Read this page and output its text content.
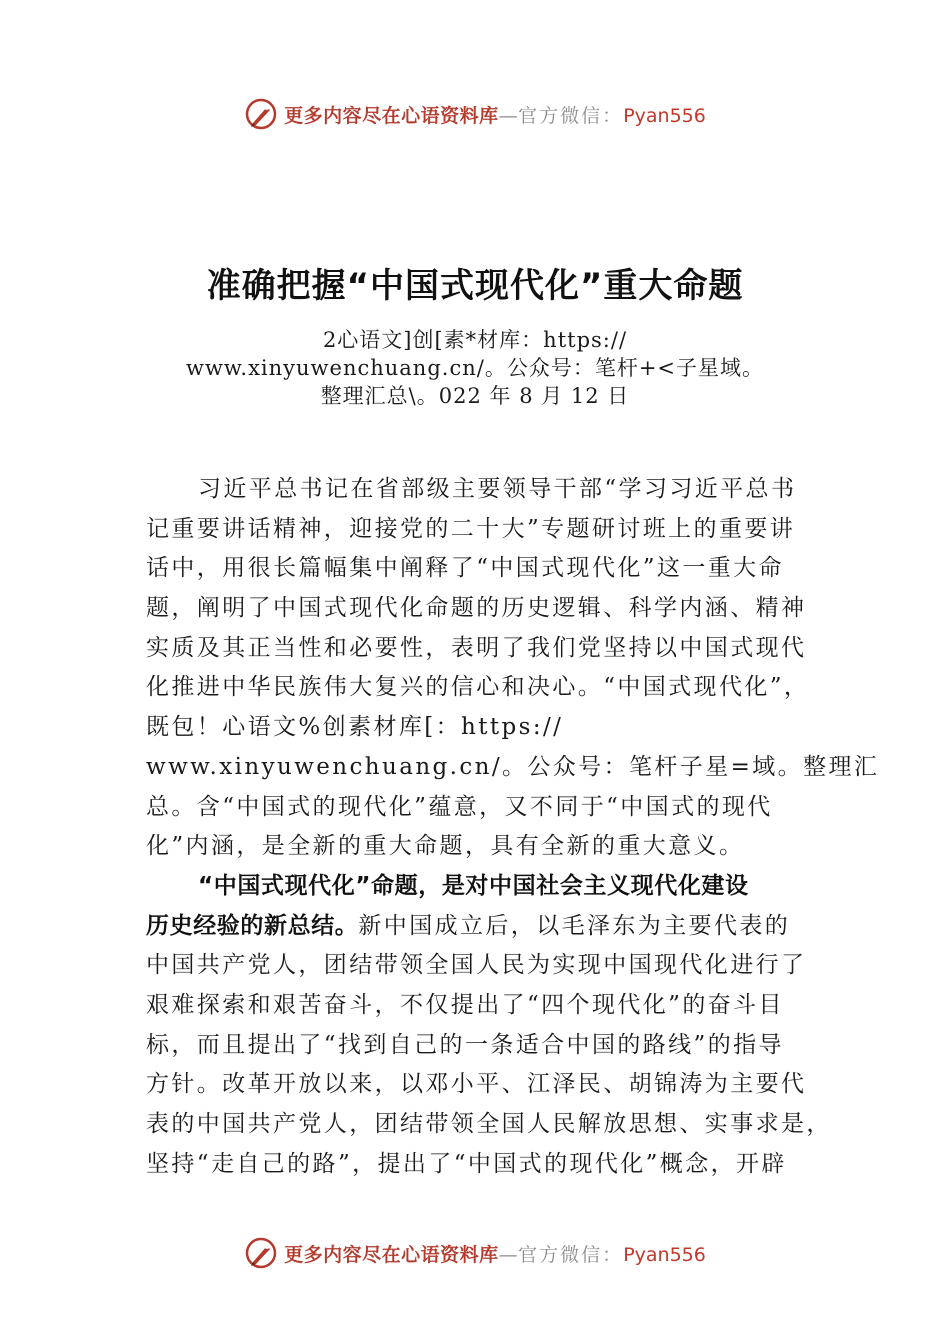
更多内容尽在心语资料库—官方微信：Pyan556
准确把握“中国式现代化”重大命题
2心语文]创[素*材库：https://
www.xinyuwenchuang.cn/。公众号：笔杆+<子星域。
整理汇总\。022 年 8 月 12 日
习近平总书记在省部级主要领导干部“学习习近平总书
记重要讲话精神，迎接党的二十大”专题研讨班上的重要讲
话中，用很长篇幅集中阐释了“中国式现代化”这一重大命
题，阐明了中国式现代化命题的历史逻辑、科学内涵、精神
实质及其正当性和必要性，表明了我们党坚持以中国式现代
化推进中华民族伟大复兴的信心和决心。“中国式现代化”，
既包！心语文%创素材库[：https://
www.xinyuwenchuang.cn/。公众号：笔杆子星=域。整理汇
总。含“中国式的现代化”蕴意，又不同于“中国式的现代
化”内涵，是全新的重大命题，具有全新的重大意义。
“中国式现代化”命题，是对中国社会主义现代化建设
历史经验的新总结。新中国成立后，以毛泽东为主要代表的
中国共产党人，团结带领全国人民为实现中国现代化进行了
艰难探索和艰苦奋斗，不仅提出了“四个现代化”的奋斗目
标，而且提出了“找到自己的一条适合中国的路线”的指导
方针。改革开放以来，以邓小平、江泽民、胡锦涛为主要代
表的中国共产党人，团结带领全国人民解放思想、实事求是，
坚持“走自己的路”，提出了“中国式的现代化”概念，开辟
更多内容尽在心语资料库—官方微信：Pyan556
